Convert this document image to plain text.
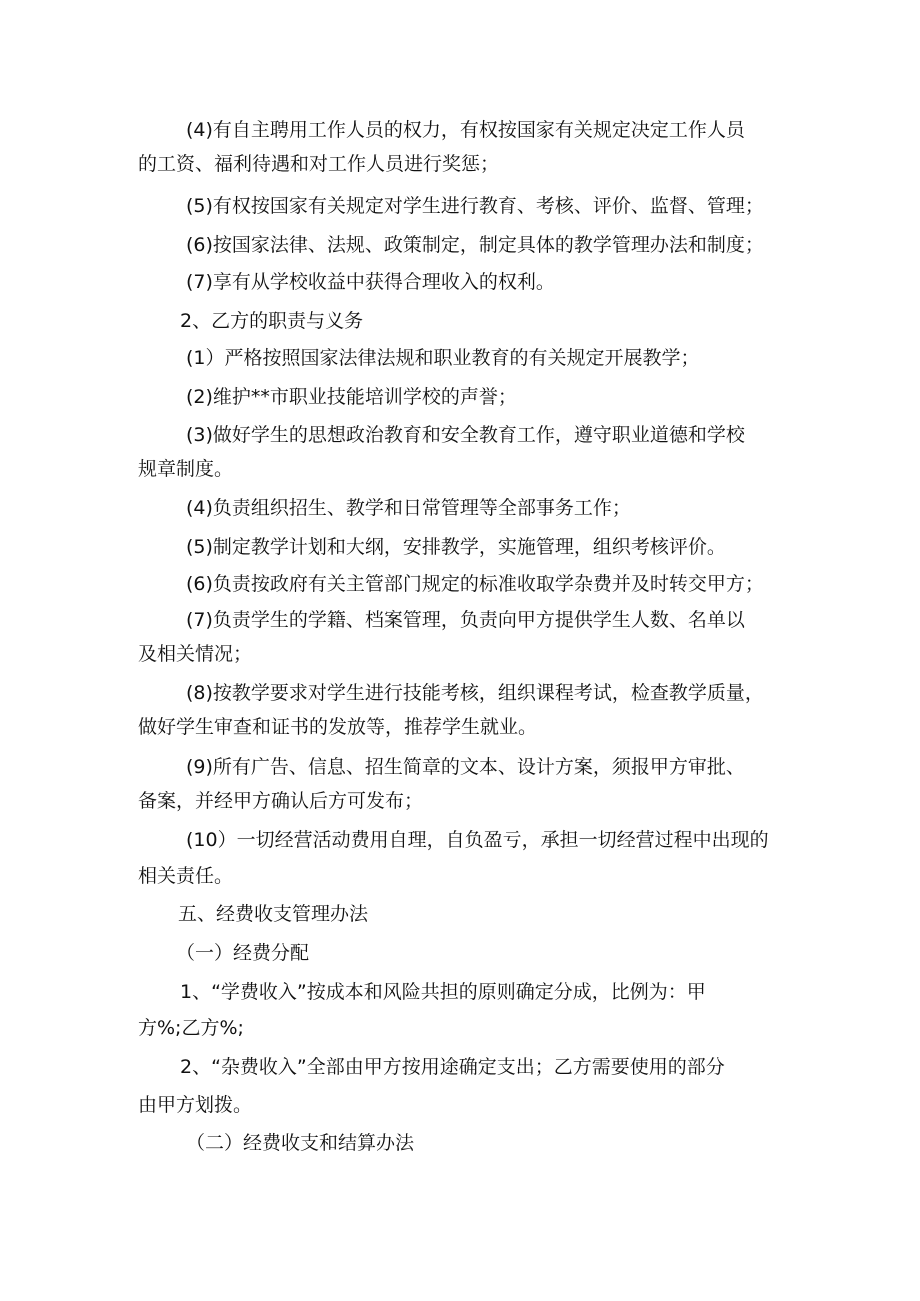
(4)有自主聘用工作人员的权力，有权按国家有关规定决定工作人员
的工资、福利待遇和对工作人员进行奖惩；
(5)有权按国家有关规定对学生进行教育、考核、评价、监督、管理；
(6)按国家法律、法规、政策制定，制定具体的教学管理办法和制度；
(7)享有从学校收益中获得合理收入的权利。
2、乙方的职责与义务
(1）严格按照国家法律法规和职业教育的有关规定开展教学；
(2)维护**市职业技能培训学校的声誉；
(3)做好学生的思想政治教育和安全教育工作，遵守职业道德和学校
规章制度。
(4)负责组织招生、教学和日常管理等全部事务工作；
(5)制定教学计划和大纲，安排教学，实施管理，组织考核评价。
(6)负责按政府有关主管部门规定的标准收取学杂费并及时转交甲方；
(7)负责学生的学籍、档案管理，负责向甲方提供学生人数、名单以
及相关情况；
(8)按教学要求对学生进行技能考核，组织课程考试，检查教学质量，
做好学生审查和证书的发放等，推荐学生就业。
(9)所有广告、信息、招生简章的文本、设计方案，须报甲方审批、
备案，并经甲方确认后方可发布；
(10）一切经营活动费用自理，自负盈亏，承担一切经营过程中出现的
相关责任。
五、经费收支管理办法
（一）经费分配
1、“学费收入”按成本和风险共担的原则确定分成，比例为：甲
方%;乙方%;
2、“杂费收入”全部由甲方按用途确定支出；乙方需要使用的部分
由甲方划拨。
（二）经费收支和结算办法
